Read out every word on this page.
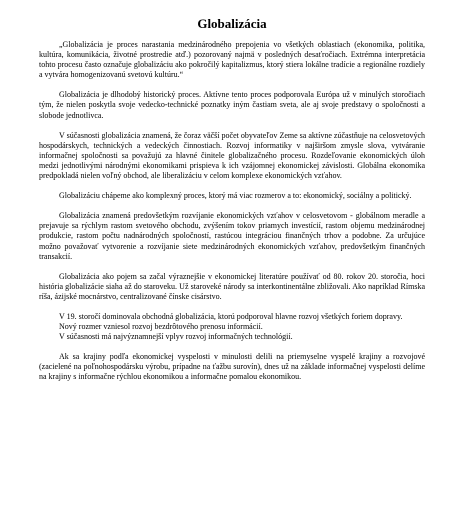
Globalizácia

„Globalizácia je proces narastania medzinárodného prepojenia vo všetkých oblastiach (ekonomika, politika, kultúra, komunikácia, životné prostredie atď.) pozorovaný najmä v posledných desaťročiach. Extrémna interpretácia tohto procesu často označuje globalizáciu ako pokročilý kapitalizmus, ktorý stiera lokálne tradície a regionálne rozdiely a vytvára homogenizovanú svetovú kultúru.“

Globalizácia je dlhodobý historický proces. Aktívne tento proces podporovala Európa už v minulých storočiach tým, že nielen poskytla svoje vedecko-technické poznatky iným častiam sveta, ale aj svoje predstavy o spoločnosti a slobode jednotlivca.

V súčasnosti globalizácia znamená, že čoraz väčší počet obyvateľov Zeme sa aktívne zúčastňuje na celosvetových hospodárskych, technických a vedeckých činnostiach. Rozvoj informatiky v najširšom zmysle slova, vytváranie informačnej spoločnosti sa považujú za hlavné činitele globalizačného procesu. Rozdeľovanie ekonomických úloh medzi jednotlivými národnými ekonomikami prispieva k ich vzájomnej ekonomickej závislosti. Globálna ekonomika predpokladá nielen voľný obchod, ale liberalizáciu v celom komplexe ekonomických vzťahov.

Globalizáciu chápeme ako komplexný proces, ktorý má viac rozmerov a to: ekonomický, sociálny a politický.

Globalizácia znamená predovšetkým rozvíjanie ekonomických vzťahov v celosvetovom - globálnom meradle a prejavuje sa rýchlym rastom svetového obchodu, zvýšením tokov priamych investícií, rastom objemu medzinárodnej produkcie, rastom počtu nadnárodných spoločností, rastúcou integráciou finančných trhov a podobne. Za určujúce možno považovať vytvorenie a rozvíjanie siete medzinárodných ekonomických vzťahov, predovšetkým finančných transakcií.

Globalizácia ako pojem sa začal výraznejšie v ekonomickej literatúre používať od 80. rokov 20. storočia, hoci história globalizácie siaha až do staroveku. Už staroveké národy sa interkontinentálne zbližovali. Ako napríklad Rímska ríša, ázijské mocnárstvo, centralizované čínske cisárstvo.

V 19. storočí dominovala obchodná globalizácia, ktorú podporoval hlavne rozvoj všetkých foriem dopravy.

Nový rozmer vzniesol rozvoj bezdrôtového prenosu informácií.
V súčasnosti má najvýznamnejší vplyv rozvoj informačných technológií.

Ak sa krajiny podľa ekonomickej vyspelosti v minulosti delili na priemyselne vyspelé krajiny a rozvojové (zacielené na poľnohospodársku výrobu, prípadne na ťažbu surovín), dnes už na základe informačnej vyspelosti delíme na krajiny s informačne rýchlou ekonomikou a informačne pomalou ekonomikou.
